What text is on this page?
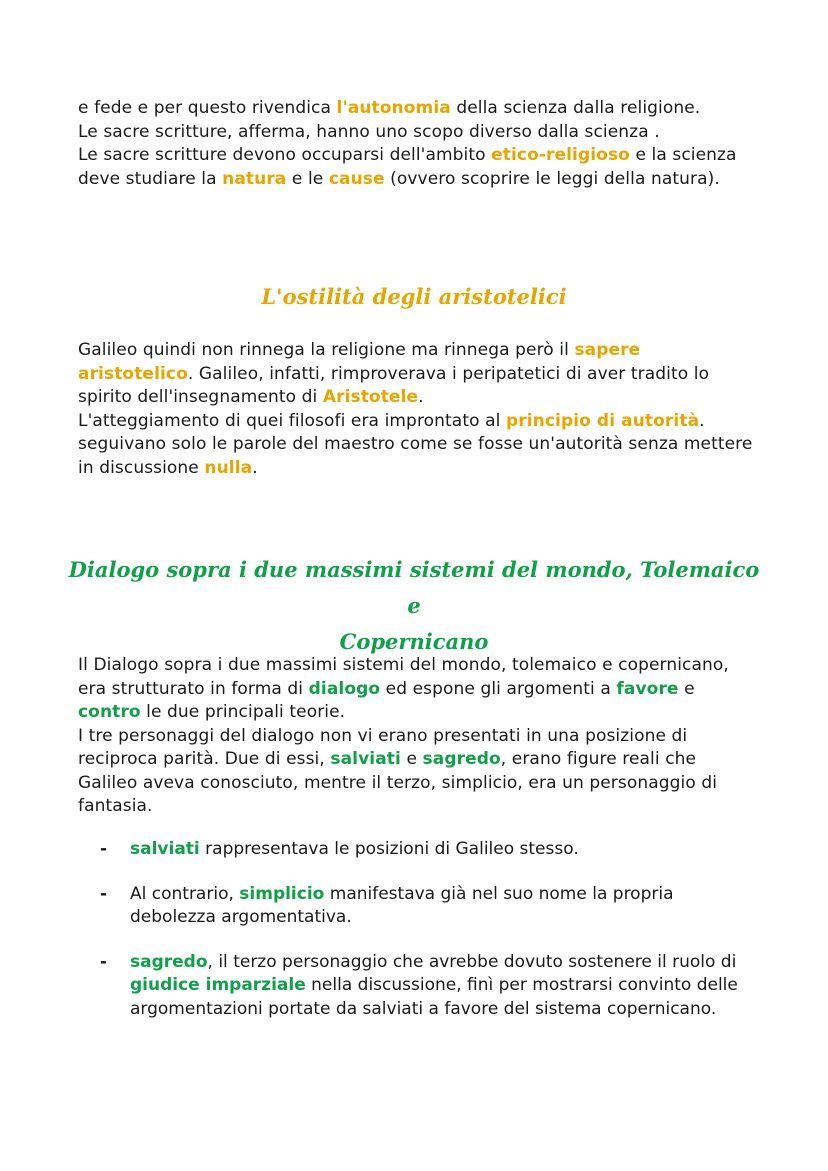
e fede e per questo rivendica l'autonomia della scienza dalla religione.

Le sacre scritture, afferma, hanno uno scopo diverso dalla scienza .

Le sacre scritture devono occuparsi dell'ambito etico-religioso e la scienza deve studiare la natura e le cause (ovvero scoprire le leggi della natura).

L'ostilità degli aristotelici

Galileo quindi non rinnega la religione ma rinnega però il sapere aristotelico. Galileo, infatti, rimproverava i peripatetici di aver tradito lo spirito dell'insegnamento di Aristotele.

L'atteggiamento di quei filosofi era improntato al principio di autorità. seguivano solo le parole del maestro come se fosse un'autorità senza mettere in discussione nulla.

Dialogo sopra i due massimi sistemi del mondo, Tolemaico e
Copernicano

Il Dialogo sopra i due massimi sistemi del mondo, tolemaico e copernicano, era strutturato in forma di dialogo ed espone gli argomenti a favore e contro le due principali teorie.

I tre personaggi del dialogo non vi erano presentati in una posizione di reciproca parità. Due di essi, salviati e sagredo, erano figure reali che Galileo aveva conosciuto, mentre il terzo, simplicio, era un personaggio di fantasia.

- salviati rappresentava le posizioni di Galileo stesso.
- Al contrario, simplicio manifestava già nel suo nome la propria debolezza argomentativa.
- sagredo, il terzo personaggio che avrebbe dovuto sostenere il ruolo di giudice imparziale nella discussione, finì per mostrarsi convinto delle argomentazioni portate da salviati a favore del sistema copernicano.
